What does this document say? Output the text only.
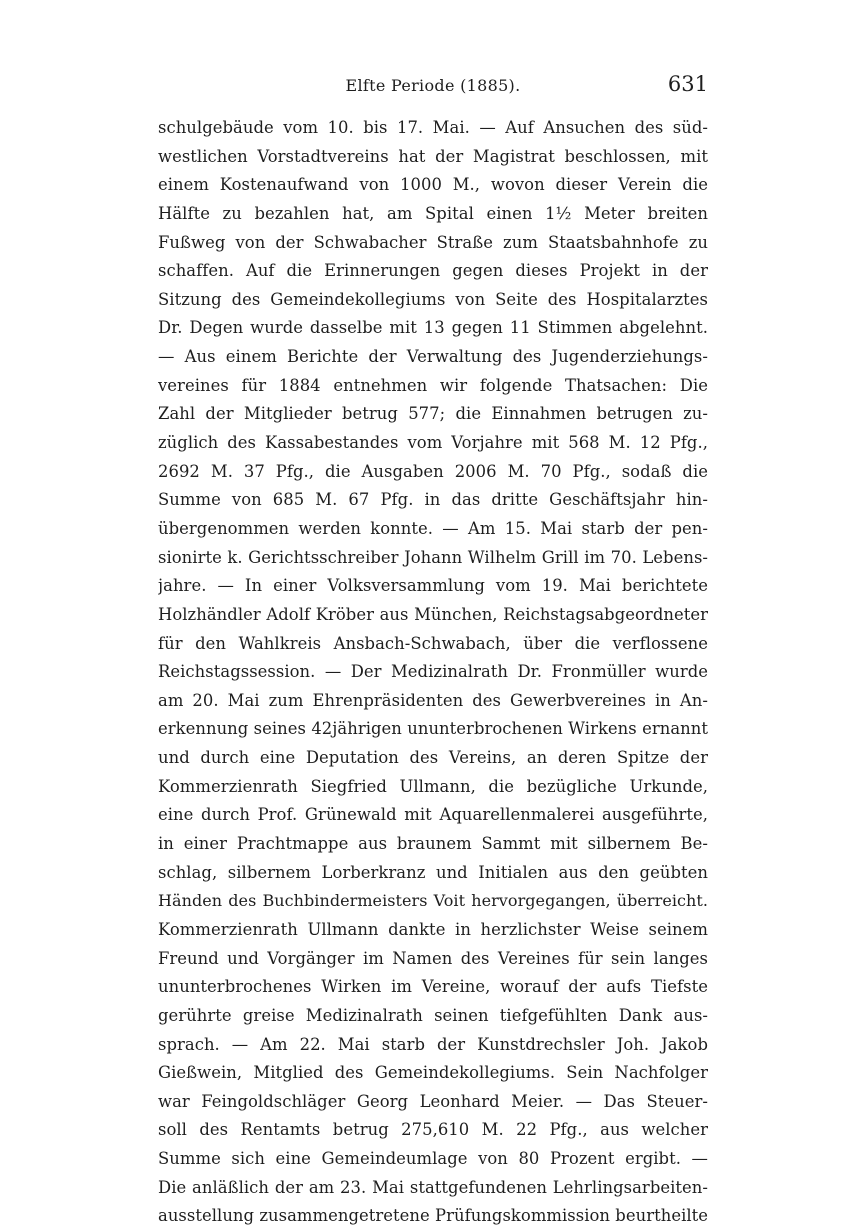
Elfte Periode (1885).	631
schulgebäude vom 10. bis 17. Mai. — Auf Ansuchen des süd-
westlichen Vorstadtvereins hat der Magistrat beschlossen, mit
einem Kostenaufwand von 1000 M., wovon dieser Verein die
Hälfte zu bezahlen hat, am Spital einen 1½ Meter breiten
Fußweg von der Schwabacher Straße zum Staatsbahnhofe zu
schaffen. Auf die Erinnerungen gegen dieses Projekt in der
Sitzung des Gemeindekollegiums von Seite des Hospitalarztes
Dr. Degen wurde dasselbe mit 13 gegen 11 Stimmen abgelehnt.
— Aus einem Berichte der Verwaltung des Jugenderziehungs-
vereines für 1884 entnehmen wir folgende Thatsachen: Die
Zahl der Mitglieder betrug 577; die Einnahmen betrugen zu-
züglich des Kassabestandes vom Vorjahre mit 568 M. 12 Pfg.,
2692 M. 37 Pfg., die Ausgaben 2006 M. 70 Pfg., sodaß die
Summe von 685 M. 67 Pfg. in das dritte Geschäftsjahr hin-
übergenommen werden konnte. — Am 15. Mai starb der pen-
sionirte k. Gerichtsschreiber Johann Wilhelm Grill im 70. Lebens-
jahre. — In einer Volksversammlung vom 19. Mai berichtete
Holzhändler Adolf Kröber aus München, Reichstagsabgeordneter
für den Wahlkreis Ansbach-Schwabach, über die verflossene
Reichstagssession. — Der Medizinalrath Dr. Fronmüller wurde
am 20. Mai zum Ehrenpräsidenten des Gewerbvereines in An-
erkennung seines 42jährigen ununterbrochenen Wirkens ernannt
und durch eine Deputation des Vereins, an deren Spitze der
Kommerzienrath Siegfried Ullmann, die bezügliche Urkunde,
eine durch Prof. Grünewald mit Aquarellenmalerei ausgeführte,
in einer Prachtmappe aus braunem Sammt mit silbernem Be-
schlag, silbernem Lorberkranz und Initialen aus den geübten
Händen des Buchbindermeisters Voit hervorgegangen, überreicht.
Kommerzienrath Ullmann dankte in herzlichster Weise seinem
Freund und Vorgänger im Namen des Vereines für sein langes
ununterbrochenes Wirken im Vereine, worauf der aufs Tiefste
gerührte greise Medizinalrath seinen tiefgefühlten Dank aus-
sprach. — Am 22. Mai starb der Kunstdrechsler Joh. Jakob
Gießwein, Mitglied des Gemeindekollegiums. Sein Nachfolger
war Feingoldschläger Georg Leonhard Meier. — Das Steuer-
soll des Rentamts betrug 275,610 M. 22 Pfg., aus welcher
Summe sich eine Gemeindeumlage von 80 Prozent ergibt. —
Die anläßlich der am 23. Mai stattgefundenen Lehrlingsarbeiten-
ausstellung zusammengetretene Prüfungskommission beurtheilte
